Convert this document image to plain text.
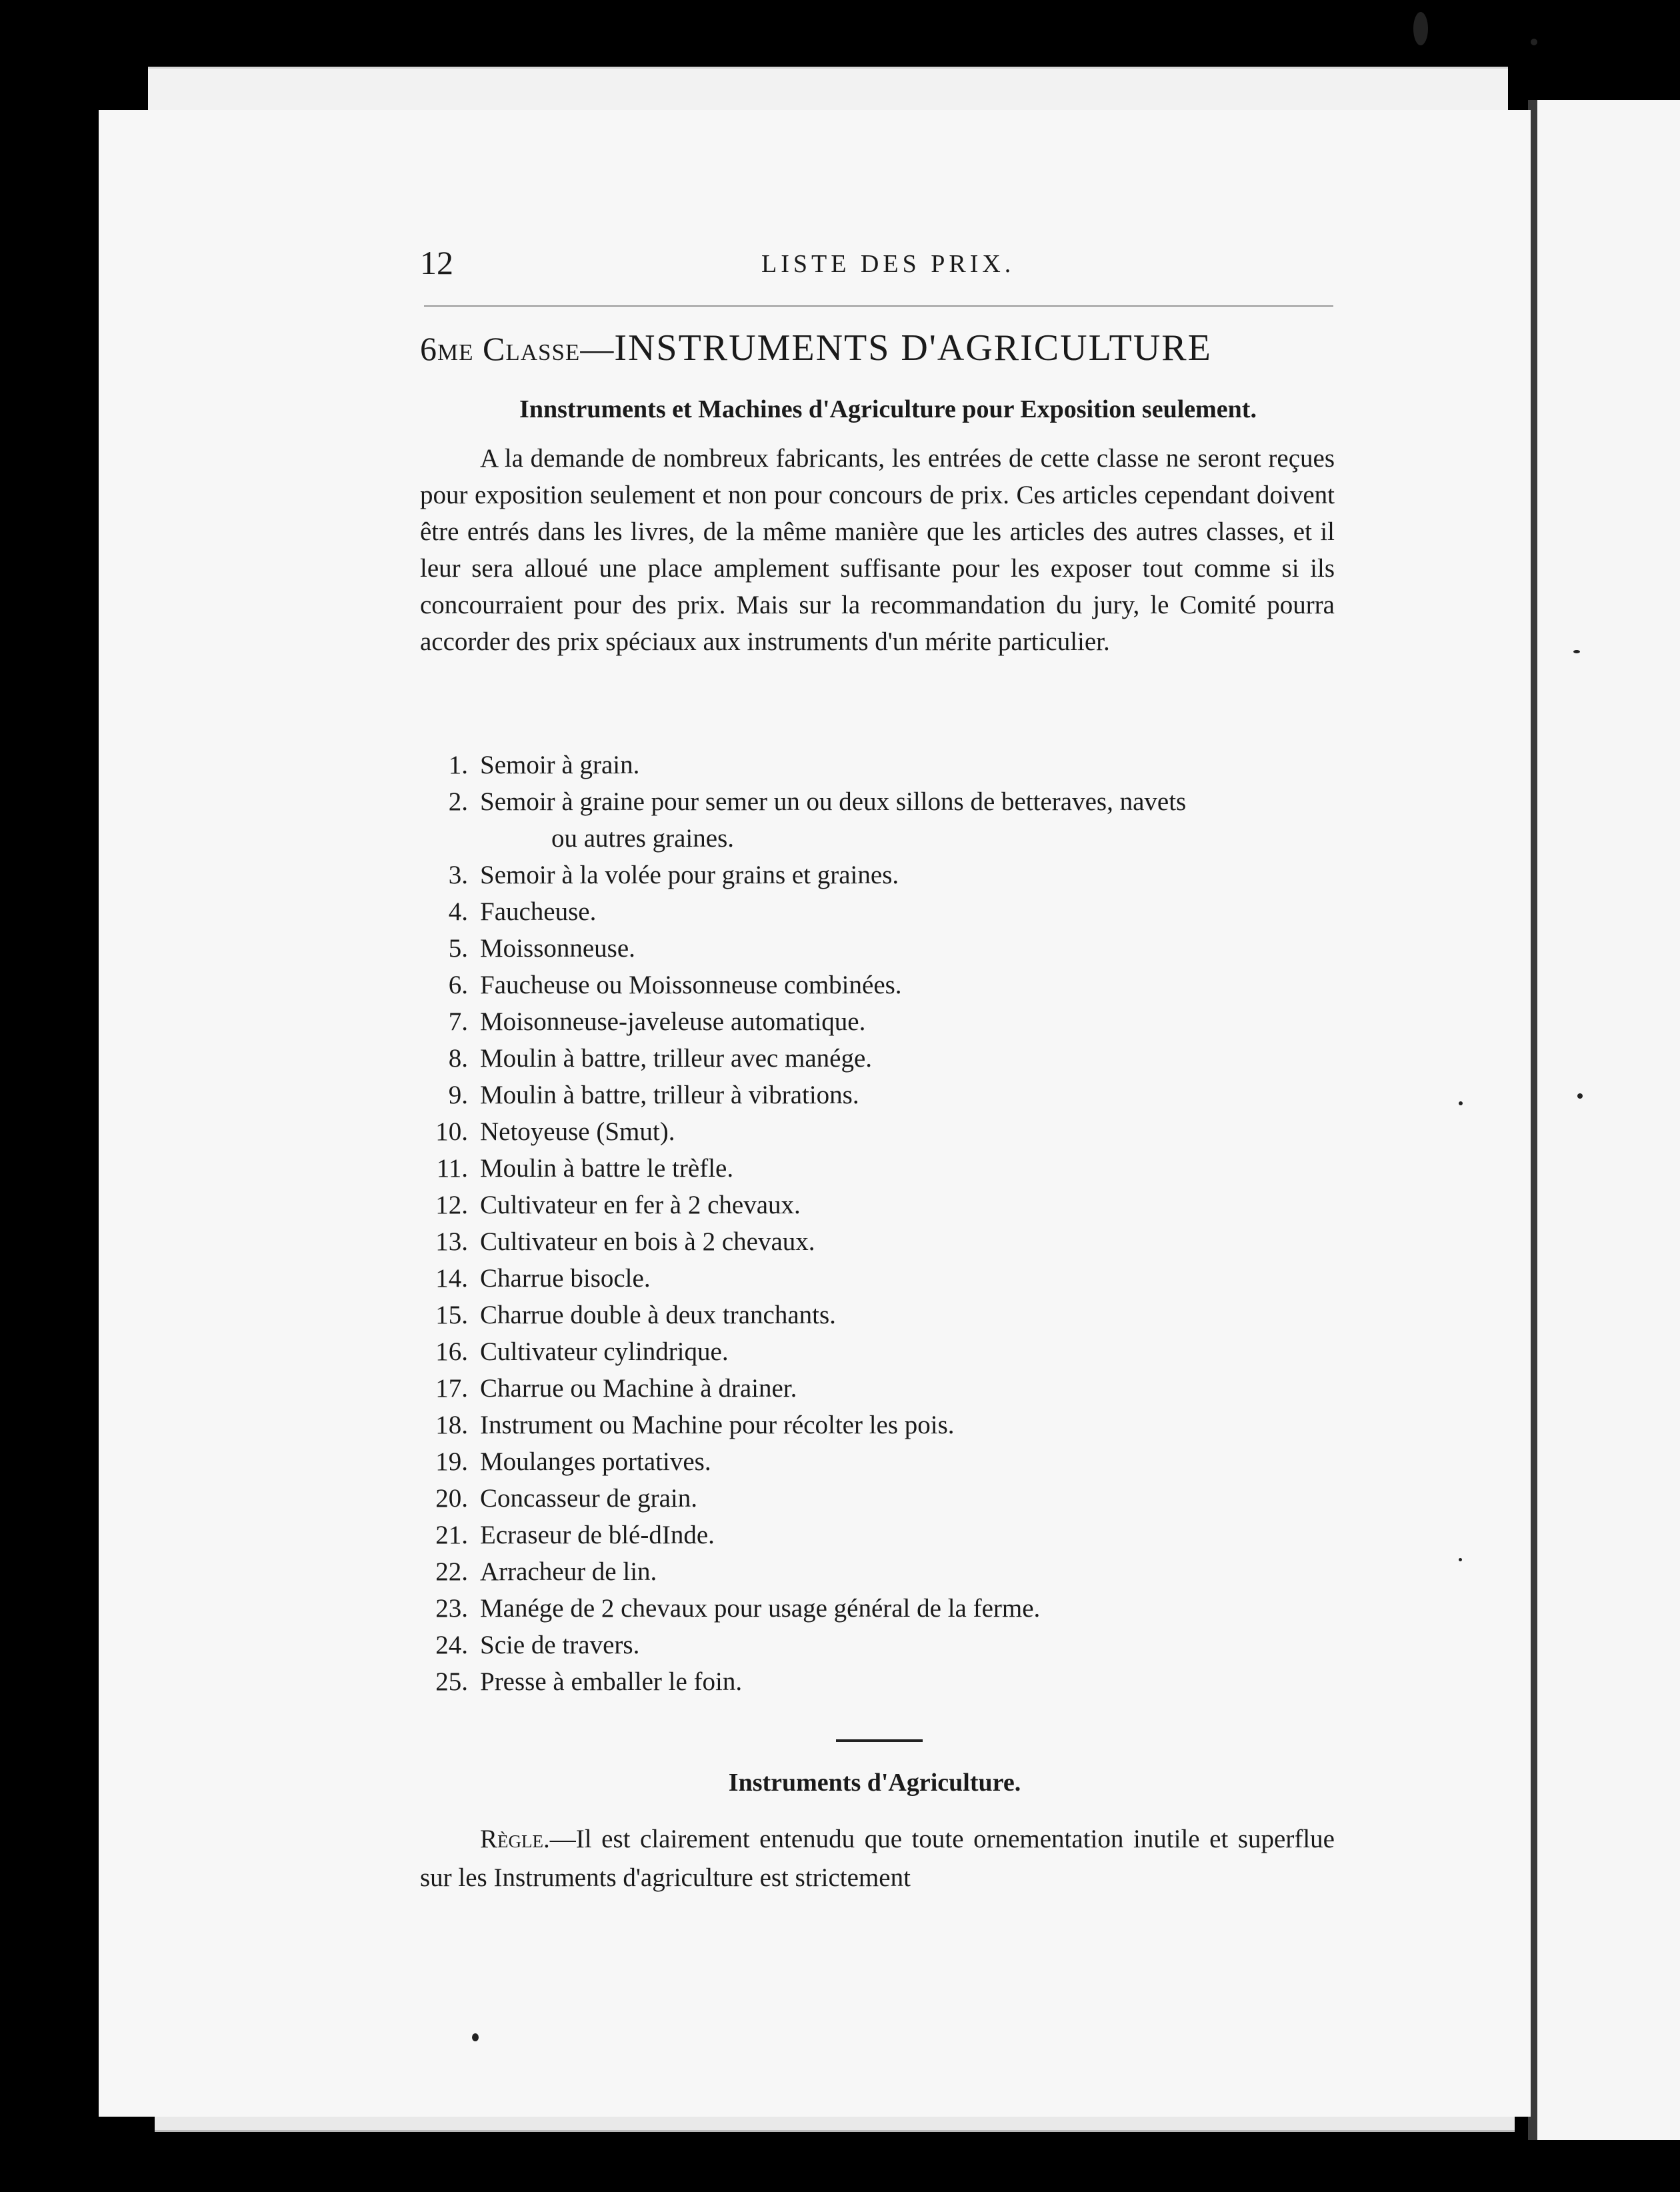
12	LISTE DES PRIX.
6me Classe—INSTRUMENTS D'AGRICULTURE
Innstruments et Machines d'Agriculture pour Exposition seulement.

A la demande de nombreux fabricants, les entrées de cette classe ne seront reçues pour exposition seulement et non pour concours de prix. Ces articles cependant doivent être entrés dans les livres, de la même manière que les articles des autres classes, et il leur sera alloué une place amplement suffisante pour les exposer tout comme si ils concourraient pour des prix. Mais sur la recommandation du jury, le Comité pourra accorder des prix spéciaux aux instruments d'un mérite particulier.

1. Semoir à grain.
2. Semoir à graine pour semer un ou deux sillons de betteraves, navets
ou autres graines.
3. Semoir à la volée pour grains et graines.
4. Faucheuse.
5. Moissonneuse.
6. Faucheuse ou Moissonneuse combinées.
7. Moisonneuse-javeleuse automatique.
8. Moulin à battre, trilleur avec manége.
9. Moulin à battre, trilleur à vibrations.
10. Netoyeuse (Smut).
11. Moulin à battre le trèfle.
12. Cultivateur en fer à 2 chevaux.
13. Cultivateur en bois à 2 chevaux.
14. Charrue bisocle.
15. Charrue double à deux tranchants.
16. Cultivateur cylindrique.
17. Charrue ou Machine à drainer.
18. Instrument ou Machine pour récolter les pois.
19. Moulanges portatives.
20. Concasseur de grain.
21. Ecraseur de blé-dInde.
22. Arracheur de lin.
23. Manége de 2 chevaux pour usage général de la ferme.
24. Scie de travers.
25. Presse à emballer le foin.
Instruments d'Agriculture.

Règle.—Il est clairement entenudu que toute ornementation inutile et superflue sur les Instruments d'agriculture est strictement
